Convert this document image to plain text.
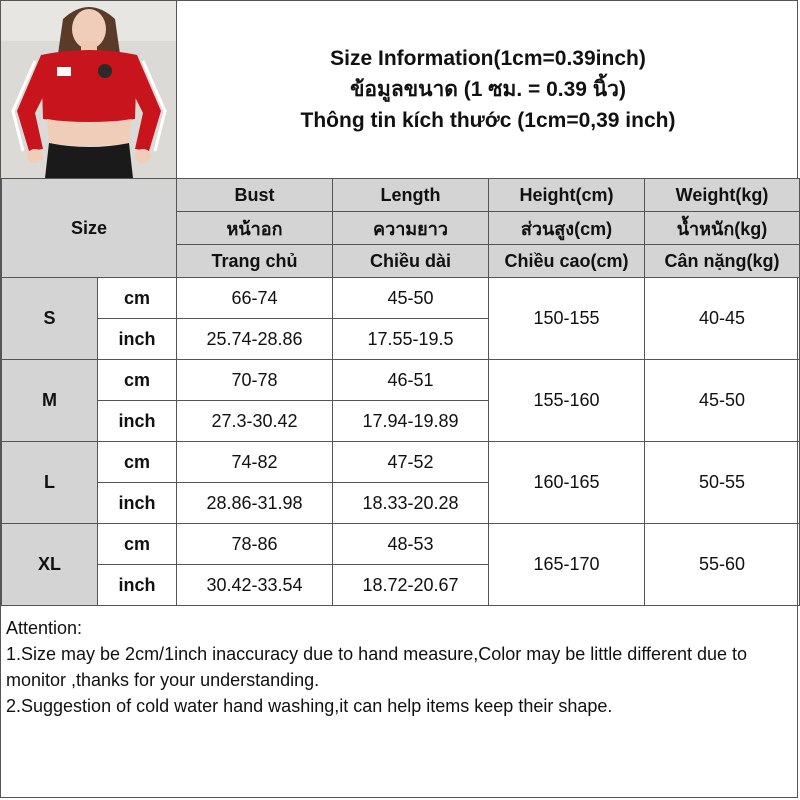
Size Information(1cm=0.39inch)
ข้อมูลขนาด (1 ซม. = 0.39 นิ้ว)
Thông tin kích thước (1cm=0,39 inch)
Size		Bust	Length	Height(cm)	Weight(kg)
		หน้าอก	ความยาว	ส่วนสูง(cm)	น้ำหนัก(kg)
		Trang chủ	Chiều dài	Chiều cao(cm)	Cân nặng(kg)
S	cm	66-74	45-50	150-155	40-45
	inch	25.74-28.86	17.55-19.5		
M	cm	70-78	46-51	155-160	45-50
	inch	27.3-30.42	17.94-19.89		
L	cm	74-82	47-52	160-165	50-55
	inch	28.86-31.98	18.33-20.28		
XL	cm	78-86	48-53	165-170	55-60
	inch	30.42-33.54	18.72-20.67		

Attention:

1.Size may be 2cm/1inch inaccuracy due to hand measure,Color may be little different due to monitor ,thanks for your understanding.

2.Suggestion of cold water hand washing,it can help items keep their shape.
